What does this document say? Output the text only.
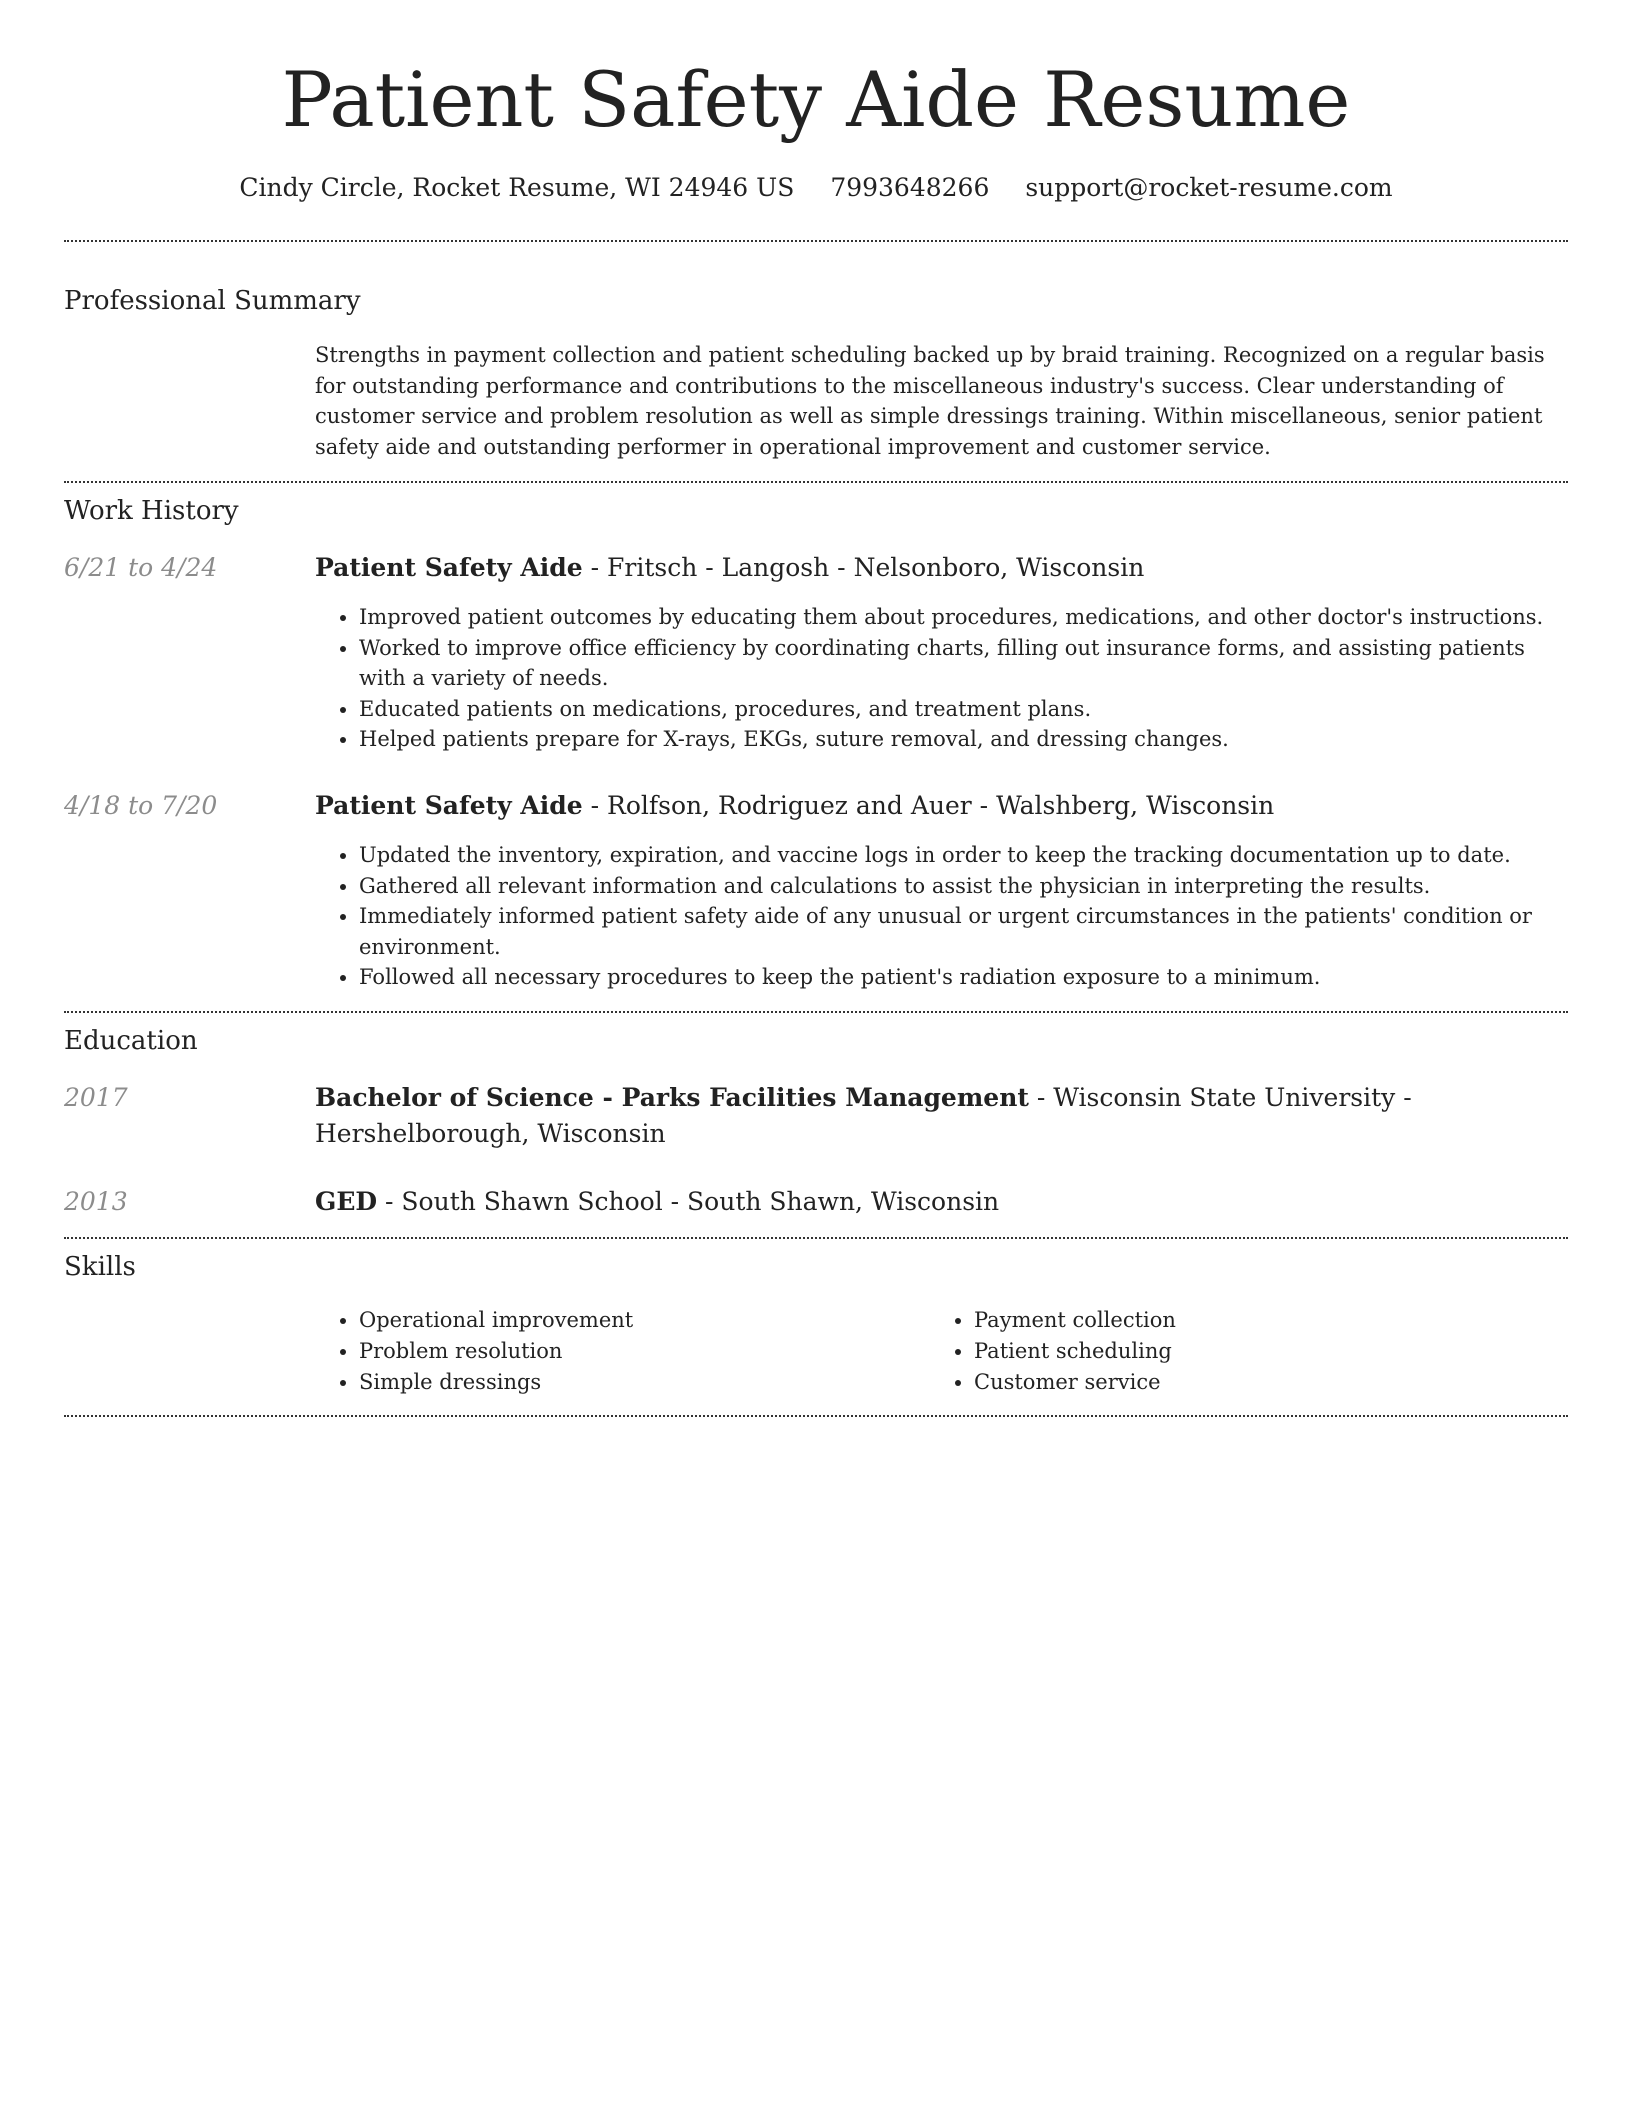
Patient Safety Aide Resume
Cindy Circle, Rocket Resume, WI 24946 US 7993648266 support@rocket-resume.com
Professional Summary
Strengths in payment collection and patient scheduling backed up by braid training. Recognized on a regular basis for outstanding performance and contributions to the miscellaneous industry's success. Clear understanding of customer service and problem resolution as well as simple dressings training. Within miscellaneous, senior patient safety aide and outstanding performer in operational improvement and customer service.
Work History
6/21 to 4/24	Patient Safety Aide - Fritsch - Langosh - Nelsonboro, Wisconsin
• Improved patient outcomes by educating them about procedures, medications, and other doctor's instructions.
• Worked to improve office efficiency by coordinating charts, filling out insurance forms, and assisting patients with a variety of needs.
• Educated patients on medications, procedures, and treatment plans.
• Helped patients prepare for X-rays, EKGs, suture removal, and dressing changes.
4/18 to 7/20	Patient Safety Aide - Rolfson, Rodriguez and Auer - Walshberg, Wisconsin
• Updated the inventory, expiration, and vaccine logs in order to keep the tracking documentation up to date.
• Gathered all relevant information and calculations to assist the physician in interpreting the results.
• Immediately informed patient safety aide of any unusual or urgent circumstances in the patients' condition or environment.
• Followed all necessary procedures to keep the patient's radiation exposure to a minimum.
Education
2017	Bachelor of Science - Parks Facilities Management - Wisconsin State University - Hershelborough, Wisconsin
2013	GED - South Shawn School - South Shawn, Wisconsin
Skills
• Operational improvement
• Problem resolution
• Simple dressings
• Payment collection
• Patient scheduling
• Customer service
